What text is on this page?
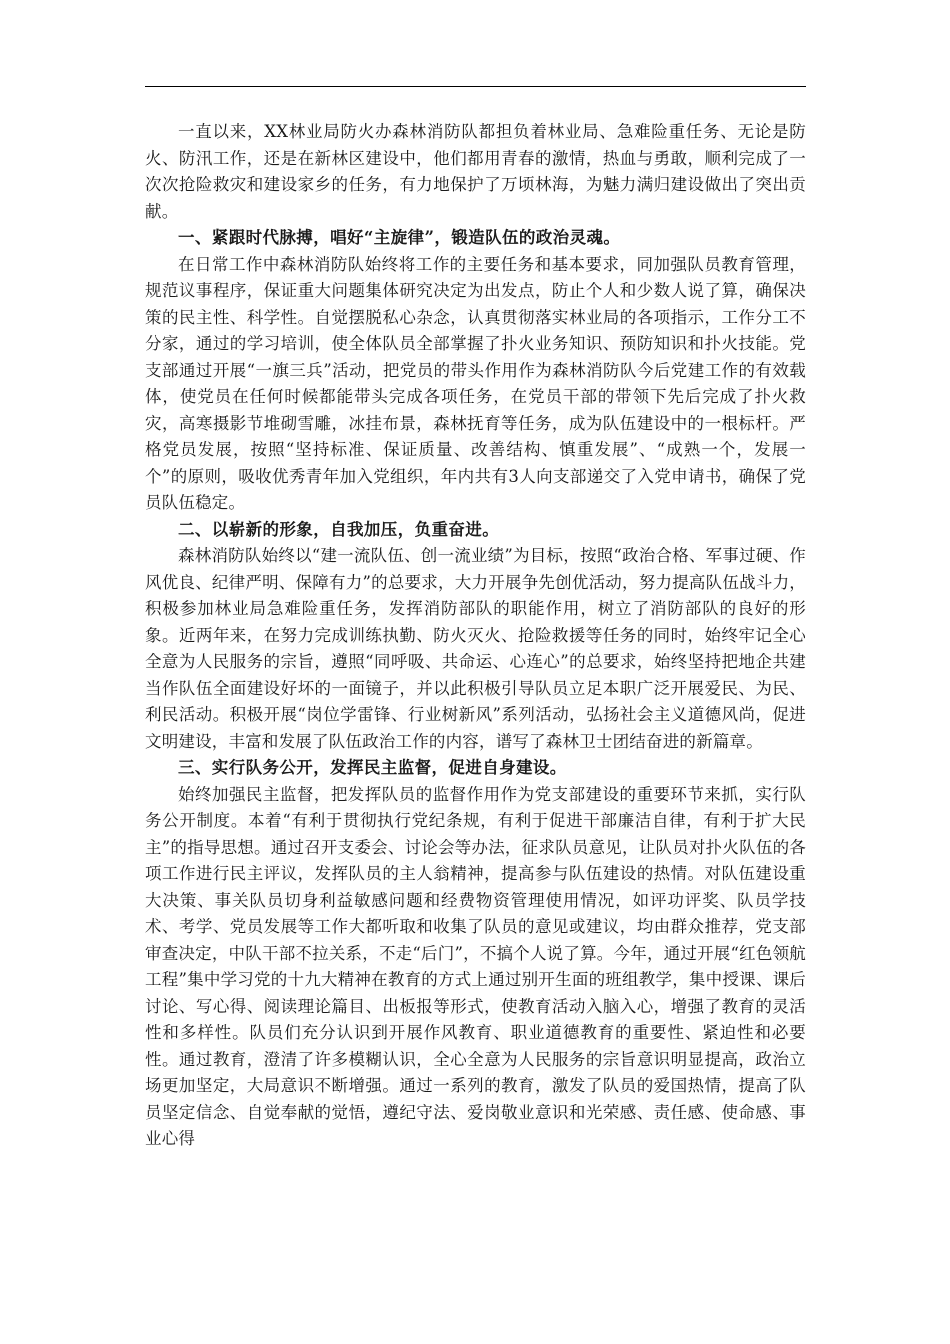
一直以来，XX林业局防火办森林消防队都担负着林业局、急难险重任务、无论是防火、防汛工作，还是在新林区建设中，他们都用青春的激情，热血与勇敢，顺利完成了一次次抢险救灾和建设家乡的任务，有力地保护了万顷林海，为魅力满归建设做出了突出贡献。

一、紧跟时代脉搏，唱好“主旋律”，锻造队伍的政治灵魂。

在日常工作中森林消防队始终将工作的主要任务和基本要求，同加强队员教育管理，规范议事程序，保证重大问题集体研究决定为出发点，防止个人和少数人说了算，确保决策的民主性、科学性。自觉摆脱私心杂念，认真贯彻落实林业局的各项指示，工作分工不分家，通过的学习培训，使全体队员全部掌握了扑火业务知识、预防知识和扑火技能。党支部通过开展“一旗三兵”活动，把党员的带头作用作为森林消防队今后党建工作的有效载体，使党员在任何时候都能带头完成各项任务，在党员干部的带领下先后完成了扑火救灾，高寒摄影节堆砌雪雕，冰挂布景，森林抚育等任务，成为队伍建设中的一根标杆。严格党员发展，按照“坚持标准、保证质量、改善结构、慎重发展”、“成熟一个，发展一个”的原则，吸收优秀青年加入党组织，年内共有3人向支部递交了入党申请书，确保了党员队伍稳定。

二、以崭新的形象，自我加压，负重奋进。

森林消防队始终以“建一流队伍、创一流业绩”为目标，按照“政治合格、军事过硬、作风优良、纪律严明、保障有力”的总要求，大力开展争先创优活动，努力提高队伍战斗力，积极参加林业局急难险重任务，发挥消防部队的职能作用，树立了消防部队的良好的形象。近两年来，在努力完成训练执勤、防火灭火、抢险救援等任务的同时，始终牢记全心全意为人民服务的宗旨，遵照“同呼吸、共命运、心连心”的总要求，始终坚持把地企共建当作队伍全面建设好坏的一面镜子，并以此积极引导队员立足本职广泛开展爱民、为民、利民活动。积极开展“岗位学雷锋、行业树新风”系列活动，弘扬社会主义道德风尚，促进文明建设，丰富和发展了队伍政治工作的内容，谱写了森林卫士团结奋进的新篇章。

三、实行队务公开，发挥民主监督，促进自身建设。

始终加强民主监督，把发挥队员的监督作用作为党支部建设的重要环节来抓，实行队务公开制度。本着“有利于贯彻执行党纪条规，有利于促进干部廉洁自律，有利于扩大民主”的指导思想。通过召开支委会、讨论会等办法，征求队员意见，让队员对扑火队伍的各项工作进行民主评议，发挥队员的主人翁精神，提高参与队伍建设的热情。对队伍建设重大决策、事关队员切身利益敏感问题和经费物资管理使用情况，如评功评奖、队员学技术、考学、党员发展等工作大都听取和收集了队员的意见或建议，均由群众推荐，党支部审查决定，中队干部不拉关系，不走“后门”，不搞个人说了算。今年，通过开展“红色领航工程”集中学习党的十九大精神在教育的方式上通过别开生面的班组教学，集中授课、课后讨论、写心得、阅读理论篇目、出板报等形式，使教育活动入脑入心，增强了教育的灵活性和多样性。队员们充分认识到开展作风教育、职业道德教育的重要性、紧迫性和必要性。通过教育，澄清了许多模糊认识，全心全意为人民服务的宗旨意识明显提高，政治立场更加坚定，大局意识不断增强。通过一系列的教育，激发了队员的爱国热情，提高了队员坚定信念、自觉奉献的觉悟，遵纪守法、爱岗敬业意识和光荣感、责任感、使命感、事业心得
